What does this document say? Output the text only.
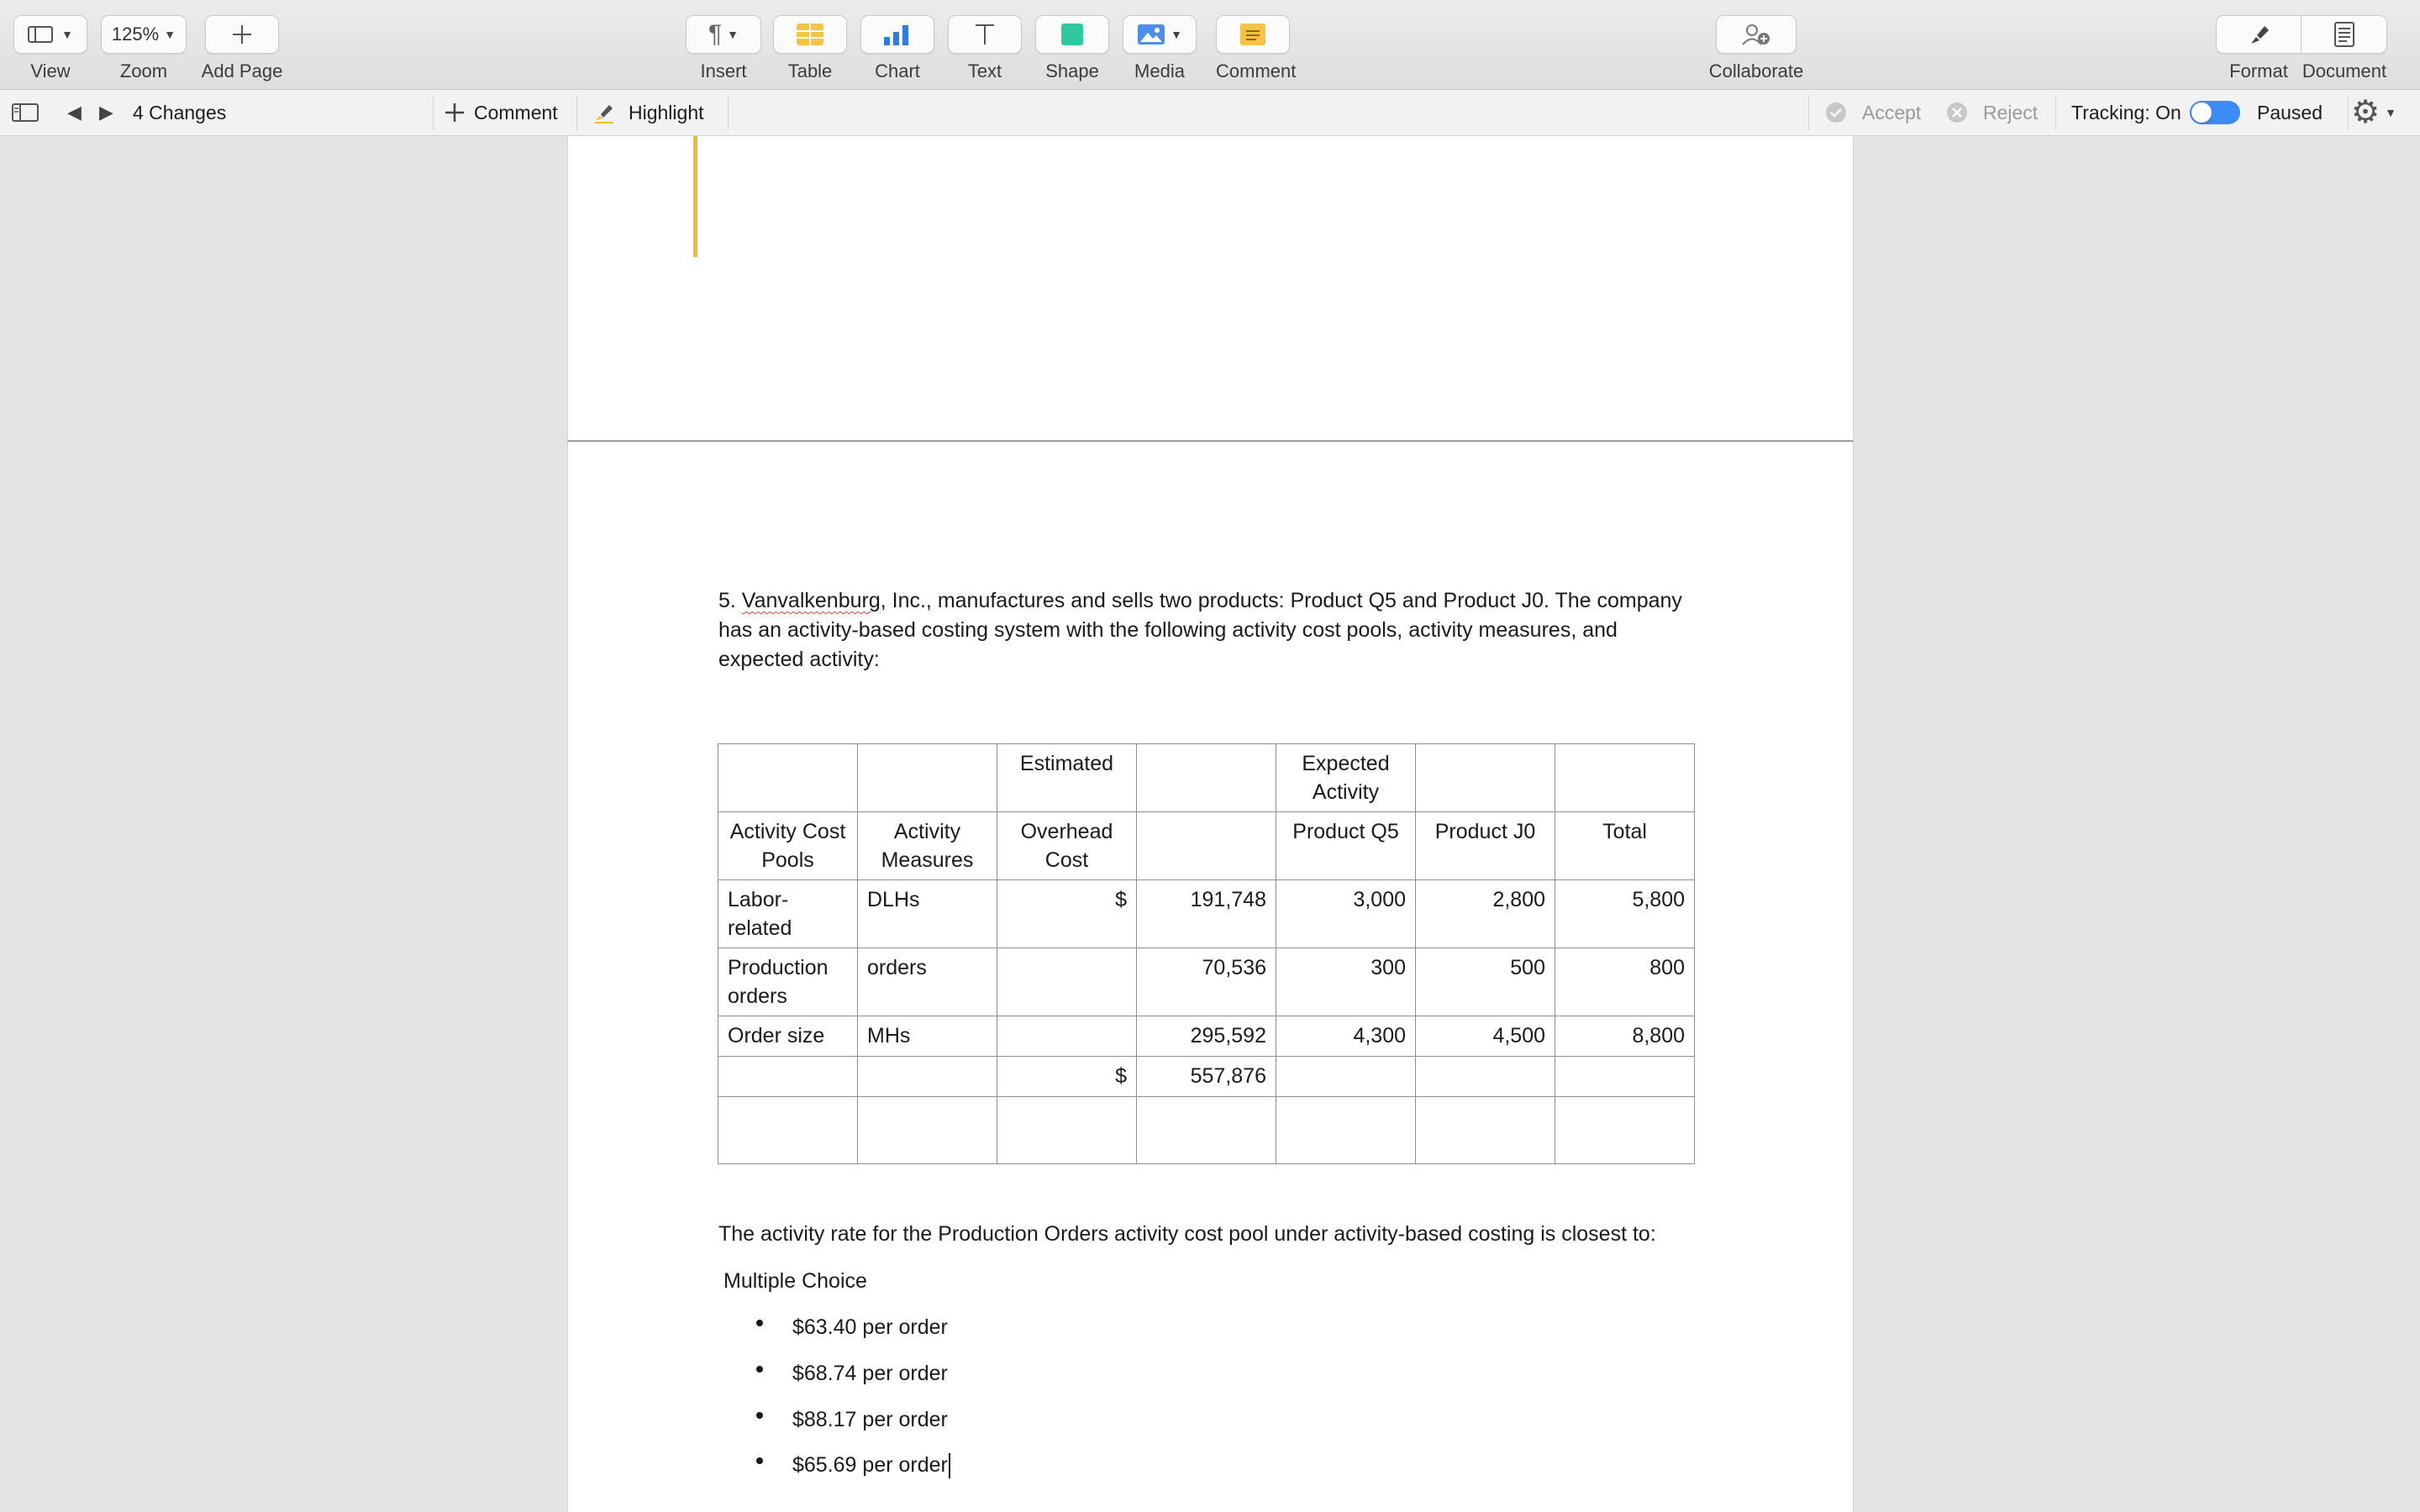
▼
View
125% ▼
Zoom	Add Page
¶ ▼
Insert	Table	Chart	Text	Shape
▼
Media	Comment	Collaborate	Format Document
◀ ▶ 4 Changes	Comment	Highlight	Accept	Reject Tracking: On	Paused ⚙ ▼
5. Vanvalkenburg, Inc., manufactures and sells two products: Product Q5 and Product J0. The company has an activity-based costing system with the following activity cost pools, activity measures, and expected activity:
		Estimated		Expected Activity		
Activity Cost Pools	Activity Measures	Overhead Cost		Product Q5	Product J0	Total
Labor-related	DLHs	$	191,748	3,000	2,800	5,800
Production orders	orders		70,536	300	500	800
Order size	MHs		295,592	4,300	4,500	8,800
		$	557,876			

The activity rate for the Production Orders activity cost pool under activity-based costing is closest to:
Multiple Choice
$63.40 per order
$68.74 per order
$88.17 per order
$65.69 per order
